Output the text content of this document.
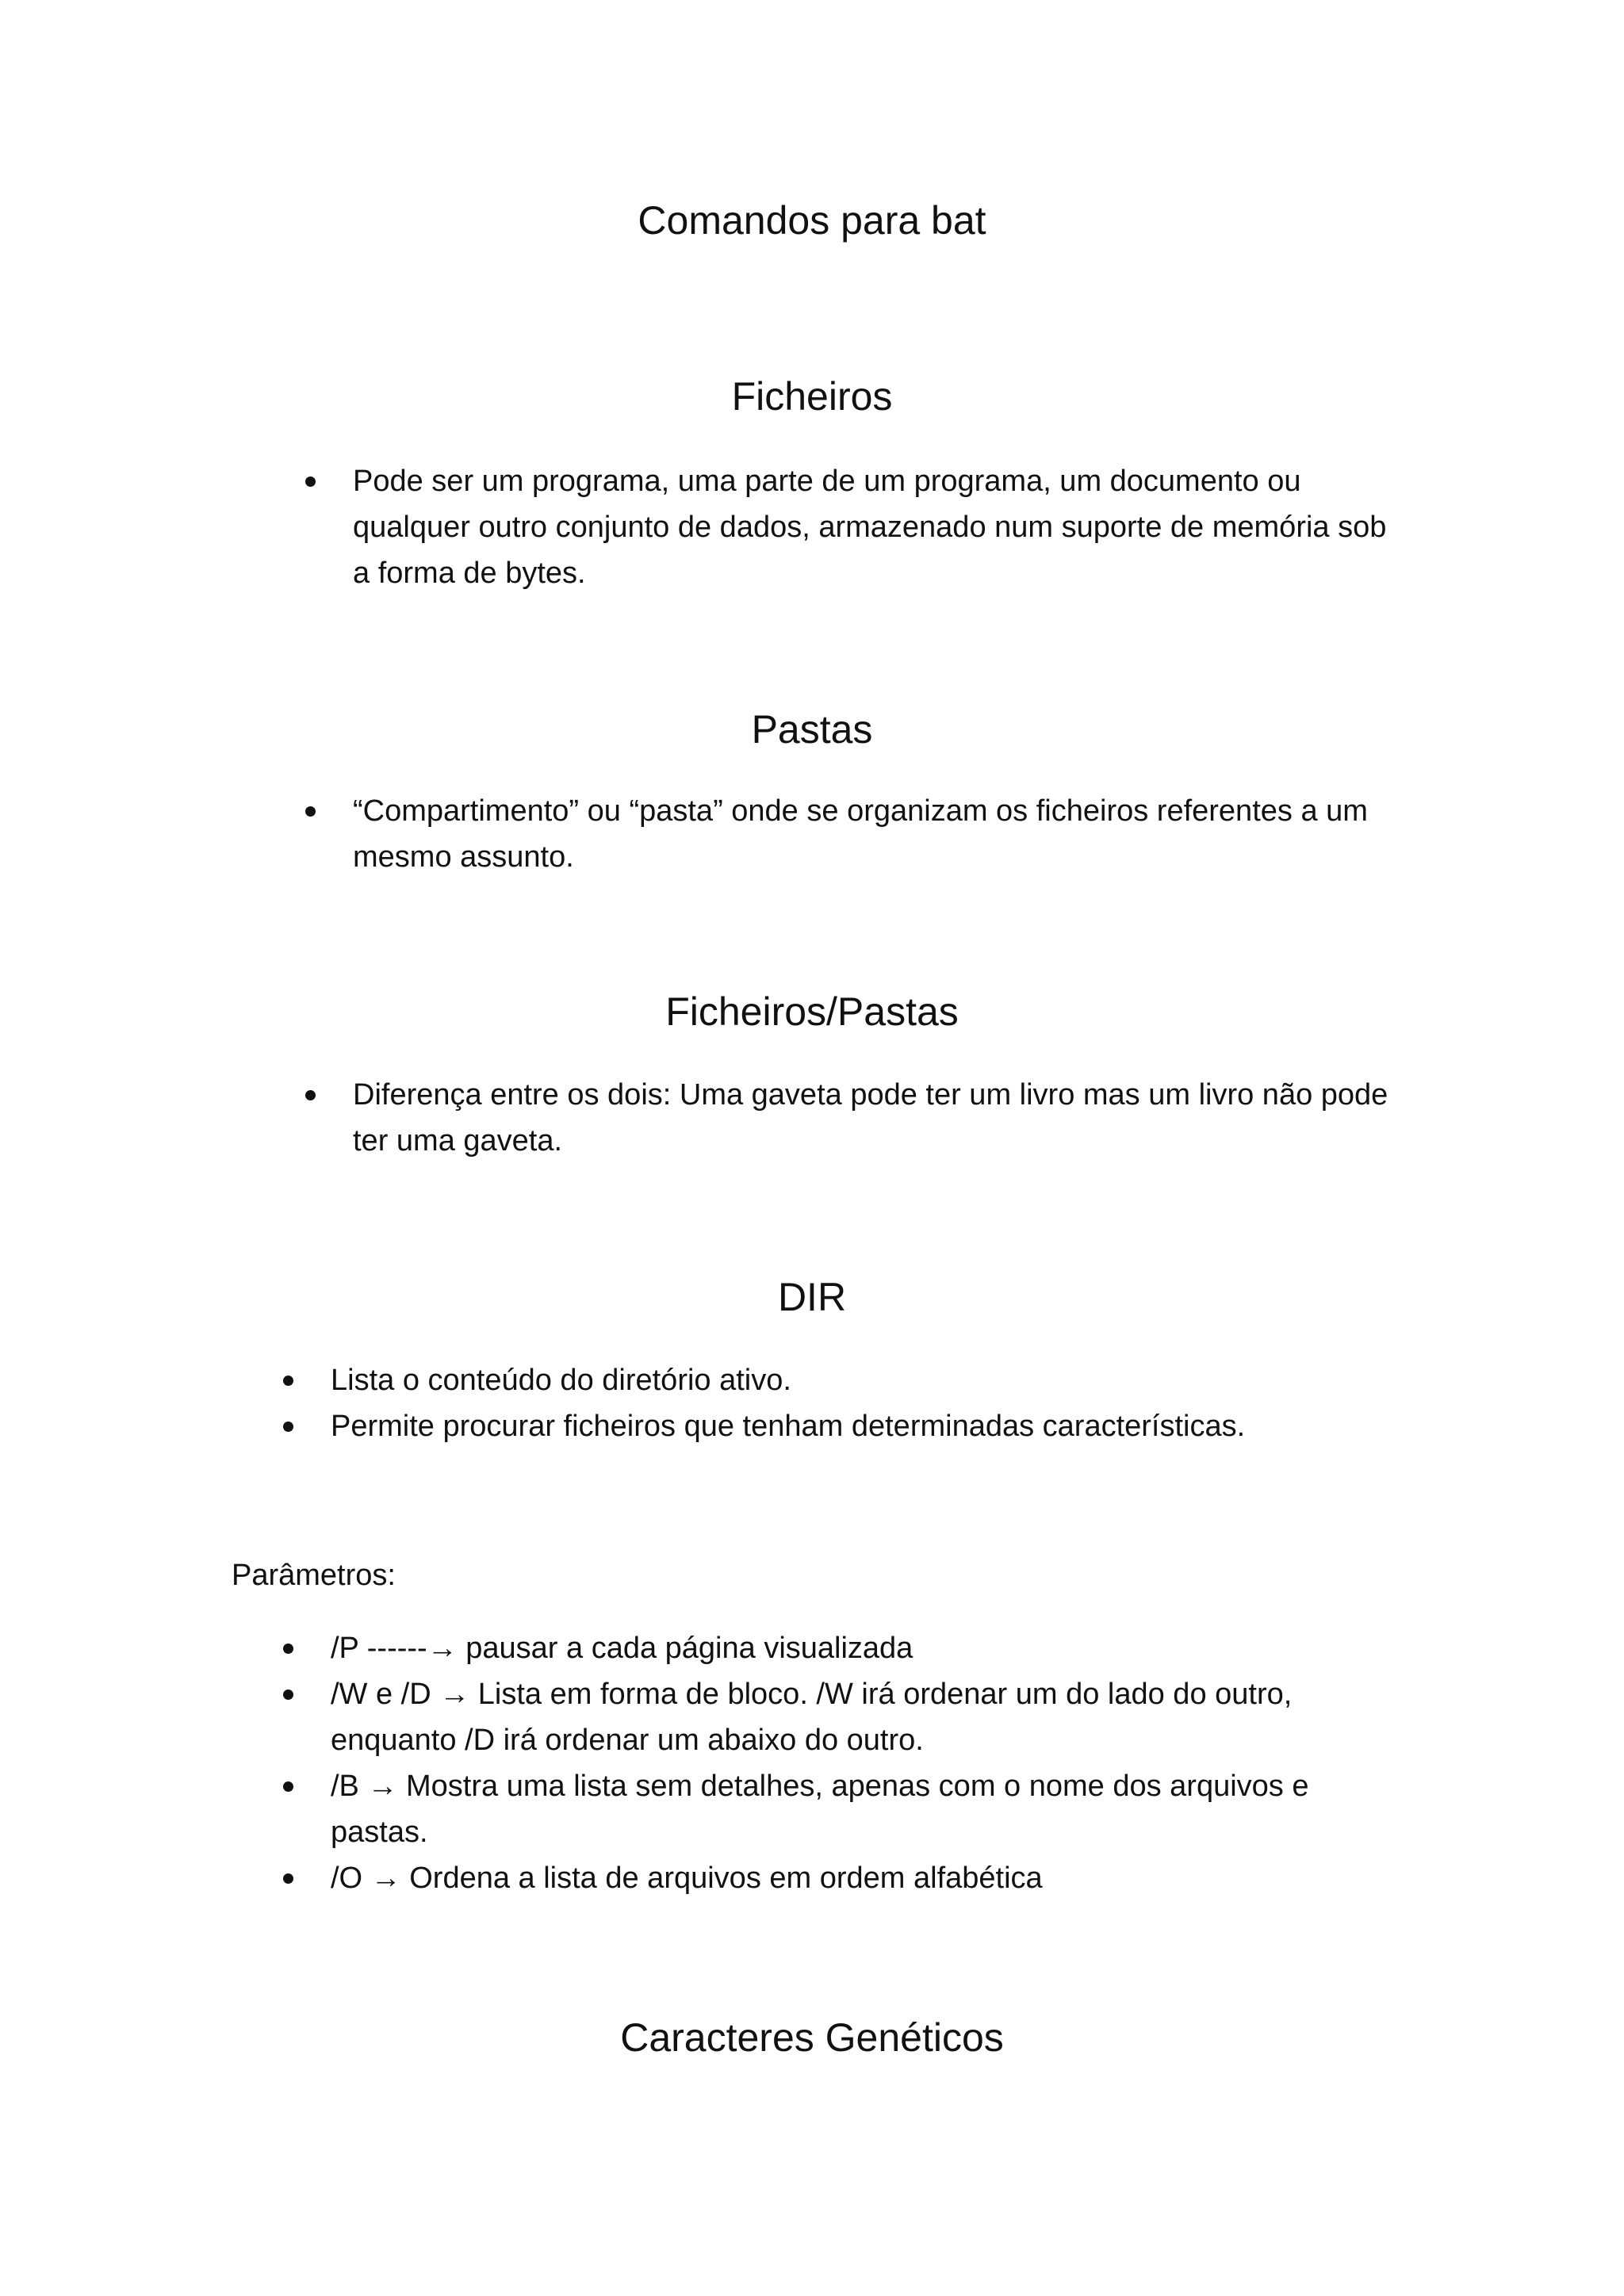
Comandos para bat
Ficheiros
Pode ser um programa, uma parte de um programa, um documento ou qualquer outro conjunto de dados, armazenado num suporte de memória sob a forma de bytes.
Pastas
“Compartimento” ou “pasta” onde se organizam os ficheiros referentes a um mesmo assunto.
Ficheiros/Pastas
Diferença entre os dois: Uma gaveta pode ter um livro mas um livro não pode ter uma gaveta.
DIR
Lista o conteúdo do diretório ativo.
Permite procurar ficheiros que tenham determinadas características.

Parâmetros:

/P ------→ pausar a cada página visualizada
/W e /D → Lista em forma de bloco. /W irá ordenar um do lado do outro, enquanto /D irá ordenar um abaixo do outro.
/B → Mostra uma lista sem detalhes, apenas com o nome dos arquivos e pastas.
/O → Ordena a lista de arquivos em ordem alfabética
Caracteres Genéticos
